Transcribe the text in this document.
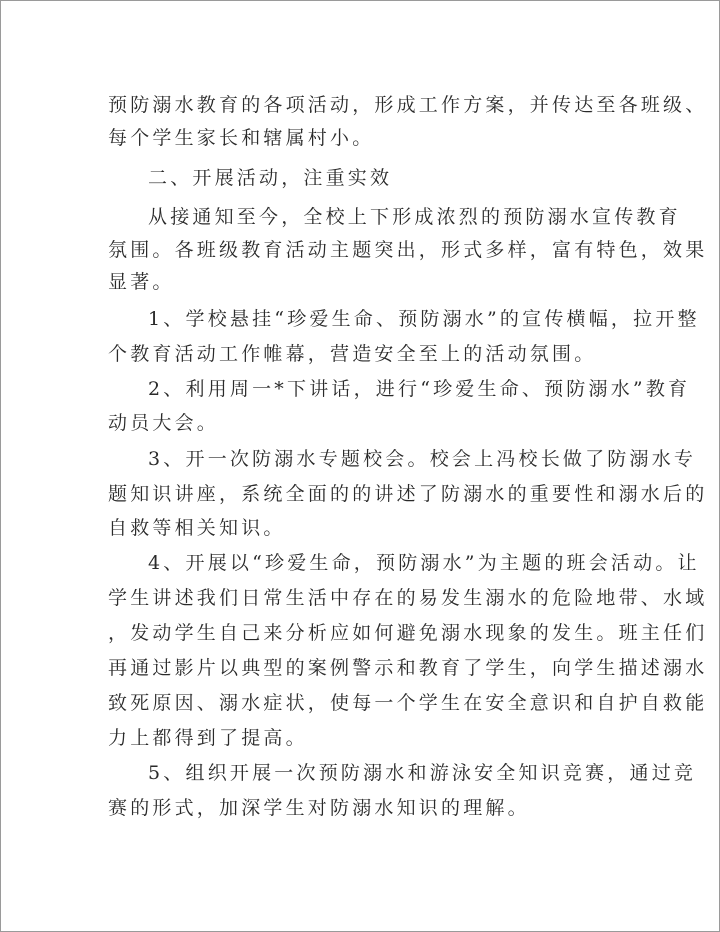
预防溺水教育的各项活动，形成工作方案，并传达至各班级、
每个学生家长和辖属村小。
二、开展活动，注重实效
从接通知至今，全校上下形成浓烈的预防溺水宣传教育
氛围。各班级教育活动主题突出，形式多样，富有特色，效果
显著。
1、学校悬挂“珍爱生命、预防溺水”的宣传横幅，拉开整
个教育活动工作帷幕，营造安全至上的活动氛围。
2、利用周一*下讲话，进行“珍爱生命、预防溺水”教育
动员大会。
3、开一次防溺水专题校会。校会上冯校长做了防溺水专
题知识讲座，系统全面的的讲述了防溺水的重要性和溺水后的
自救等相关知识。
4、开展以“珍爱生命，预防溺水”为主题的班会活动。让
学生讲述我们日常生活中存在的易发生溺水的危险地带、水域
，发动学生自己来分析应如何避免溺水现象的发生。班主任们
再通过影片以典型的案例警示和教育了学生，向学生描述溺水
致死原因、溺水症状，使每一个学生在安全意识和自护自救能
力上都得到了提高。
5、组织开展一次预防溺水和游泳安全知识竞赛，通过竞
赛的形式，加深学生对防溺水知识的理解。
